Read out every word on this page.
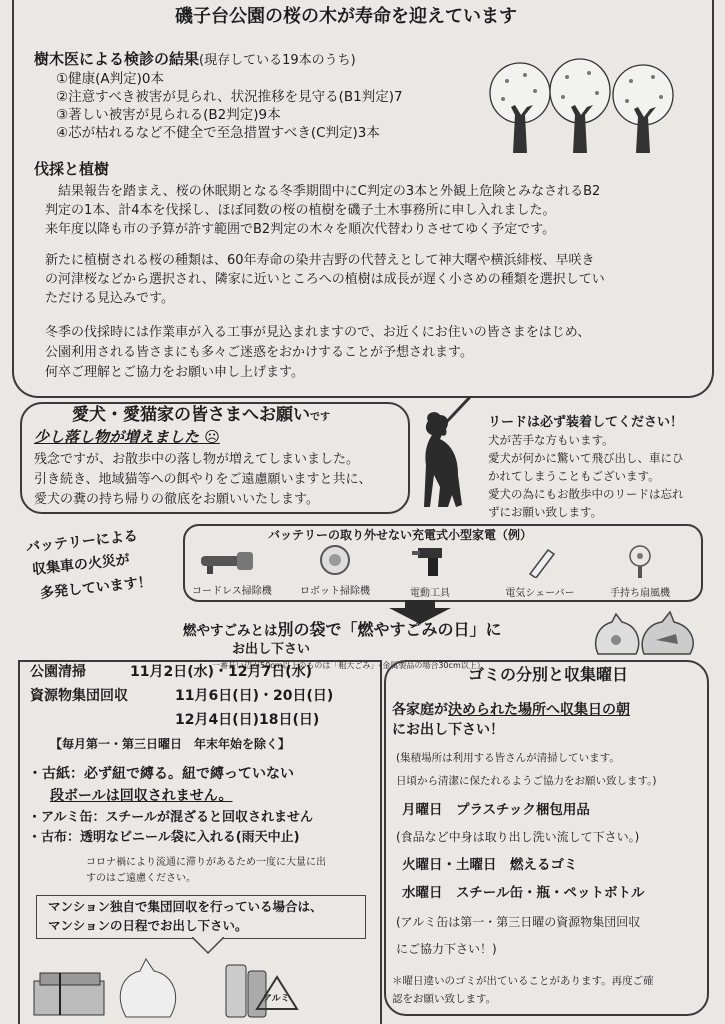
磯子台公園の桜の木が寿命を迎えています
樹木医による検診の結果(現存している19本のうち)
①健康(A判定)0本
②注意すべき被害が見られ、状況推移を見守る(B1判定)7
③著しい被害が見られる(B2判定)9本
④芯が枯れるなど不健全で至急措置すべき(C判定)3本
伐採と植樹
結果報告を踏まえ、桜の休眠期となる冬季期間中にC判定の3本と外観上危険とみなされるB2
判定の1本、計4本を伐採し、ほぼ同数の桜の植樹を磯子土木事務所に申し入れました。
来年度以降も市の予算が許す範囲でB2判定の木々を順次代替わりさせてゆく予定です。
新たに植樹される桜の種類は、60年寿命の染井吉野の代替えとして神大曙や横浜緋桜、早咲き
の河津桜などから選択され、隣家に近いところへの植樹は成長が遅く小さめの種類を選択してい
ただける見込みです。
冬季の伐採時には作業車が入る工事が見込まれますので、お近くにお住いの皆さまをはじめ、
公園利用される皆さまにも多々ご迷惑をおかけすることが予想されます。
何卒ご理解とご協力をお願い申し上げます。
愛犬・愛猫家の皆さまへお願いです
少し落し物が増えました ☹
残念ですが、お散歩中の落し物が増えてしまいました。
引き続き、地域猫等への餌やりをご遠慮願いますと共に、
愛犬の糞の持ち帰りの徹底をお願いいたします。
リードは必ず装着してください！
犬が苦手な方もいます。
愛犬が何かに驚いて飛び出し、車にひ
かれてしまうこともございます。
愛犬の為にもお散歩中のリードは忘れ
ずにお願い致します。
バッテリーによる
収集車の火災が
多発しています！
バッテリーの取り外せない充電式小型家電（例）
コードレス掃除機	ロボット掃除機	電動工具	電気シェーバー	手持ち扇風機
燃やすごみとは別の袋で「燃やすごみの日」に
お出し下さい
一番長い辺が50cm以上のものは「粗大ごみ」（金属製品の場合30cm以上）
公園清掃	11月2日(水)・12月7日(水)
資源物集団回収	11月6日(日)・20日(日)
12月4日(日)18日(日)
【毎月第一・第三日曜日　年末年始を除く】
・古紙：必ず紐で縛る。紐で縛っていない
段ボールは回収されません。
・アルミ缶：スチールが混ざると回収されません
・古布：透明なビニール袋に入れる(雨天中止)
コロナ禍により流通に滞りがあるため一度に大量に出
すのはご遠慮ください。
マンション独自で集団回収を行っている場合は、
マンションの日程でお出し下さい。
アルミ
ゴミの分別と収集曜日
各家庭が決められた場所へ収集日の朝
にお出し下さい！
(集積場所は利用する皆さんが清掃しています。
日頃から清潔に保たれるようご協力をお願い致します。)
月曜日　プラスチック梱包用品
(食品など中身は取り出し洗い流して下さい。)
火曜日・土曜日　燃えるゴミ
水曜日　スチール缶・瓶・ペットボトル
(アルミ缶は第一・第三日曜の資源物集団回収
にご協力下さい！)
＊曜日違いのゴミが出ていることがあります。再度ご確
認をお願い致します。
